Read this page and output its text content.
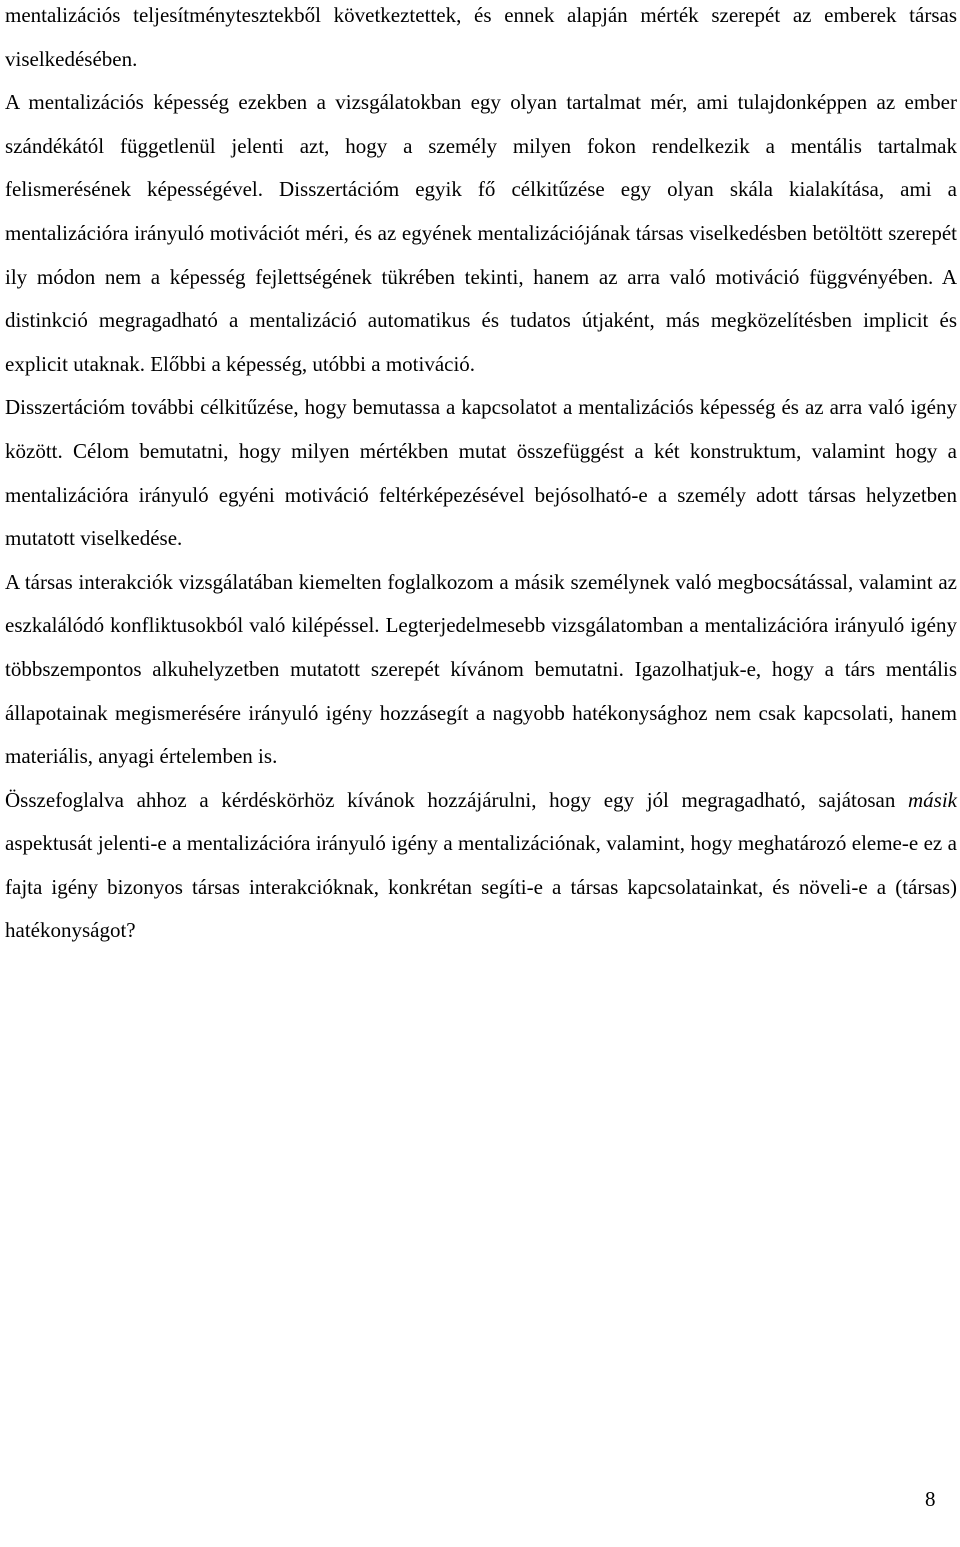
mentalizációs teljesítménytesztekből következtettek, és ennek alapján mérték szerepét az emberek társas viselkedésében.

A mentalizációs képesség ezekben a vizsgálatokban egy olyan tartalmat mér, ami tulajdonképpen az ember szándékától függetlenül jelenti azt, hogy a személy milyen fokon rendelkezik a mentális tartalmak felismerésének képességével. Disszertációm egyik fő célkitűzése egy olyan skála kialakítása, ami a mentalizációra irányuló motivációt méri, és az egyének mentalizációjának társas viselkedésben betöltött szerepét ily módon nem a képesség fejlettségének tükrében tekinti, hanem az arra való motiváció függvényében. A distinkció megragadható a mentalizáció automatikus és tudatos útjaként, más megközelítésben implicit és explicit utaknak. Előbbi a képesség, utóbbi a motiváció.

Disszertációm további célkitűzése, hogy bemutassa a kapcsolatot a mentalizációs képesség és az arra való igény között. Célom bemutatni, hogy milyen mértékben mutat összefüggést a két konstruktum, valamint hogy a mentalizációra irányuló egyéni motiváció feltérképezésével bejósolható-e a személy adott társas helyzetben mutatott viselkedése.

A társas interakciók vizsgálatában kiemelten foglalkozom a másik személynek való megbocsátással, valamint az eszkalálódó konfliktusokból való kilépéssel. Legterjedelmesebb vizsgálatomban a mentalizációra irányuló igény többszempontos alkuhelyzetben mutatott szerepét kívánom bemutatni. Igazolhatjuk-e, hogy a társ mentális állapotainak megismerésére irányuló igény hozzásegít a nagyobb hatékonysághoz nem csak kapcsolati, hanem materiális, anyagi értelemben is.

Összefoglalva ahhoz a kérdéskörhöz kívánok hozzájárulni, hogy egy jól megragadható, sajátosan másik aspektusát jelenti-e a mentalizációra irányuló igény a mentalizációnak, valamint, hogy meghatározó eleme-e ez a fajta igény bizonyos társas interakcióknak, konkrétan segíti-e a társas kapcsolatainkat, és növeli-e a (társas) hatékonyságot?

8
